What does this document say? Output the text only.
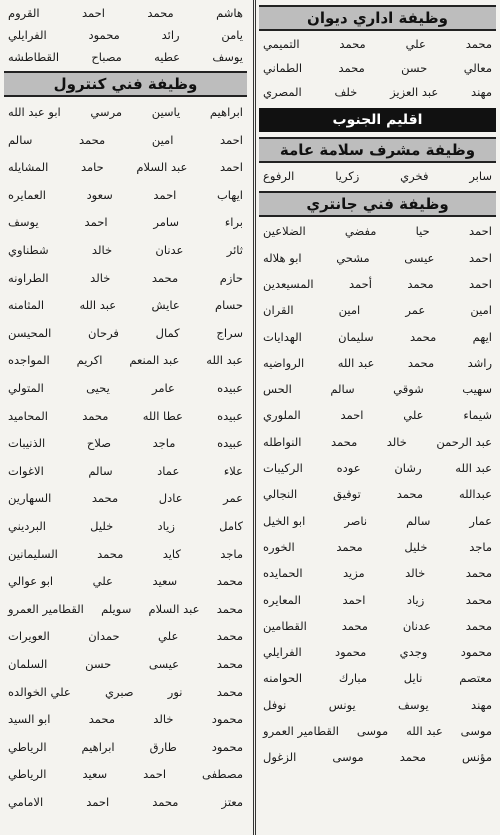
هاشم
محمد
احمد
القروم
يامن
رائد
محمود
الفرايلي
يوسف
عطيه
مصباح
القطاطشه
وظيفة فني كنترول
ابراهيم
ياسين
مرسي
ابو عبد الله
احمد
امين
محمد
سالم
احمد
عبد السلام
حامد
المشايله
ايهاب
احمد
سعود
العمايره
براء
سامر
احمد
يوسف
ثائر
عدنان
خالد
شطناوي
حازم
محمد
خالد
الطراونه
حسام
عايش
عبد الله
المثامنه
سراج
كمال
فرحان
المحيسن
عبد الله
عبد المنعم
اكريم
المواجده
عبيده
عامر
يحيى
المتولي
عبيده
عطا الله
محمد
المحاميد
عبيده
ماجد
صلاح
الذنيبات
علاء
عماد
سالم
الاغوات
عمر
عادل
محمد
السهارين
كامل
زياد
خليل
البرديني
ماجد
كايد
محمد
السليمانين
محمد
سعيد
علي
ابو عوالي
محمد
عبد السلام
سويلم
القطامير العمرو
محمد
علي
حمدان
العويرات
محمد
عيسى
حسن
السلمان
محمد
نور
صبري
علي الخوالده
محمود
خالد
محمد
ابو السيد
محمود
طارق
ابراهيم
الرياطي
مصطفى
احمد
سعيد
الرياطي
معتز
محمد
احمد
الامامي
وظيفة اداري ديوان
محمد
علي
محمد
التميمي
معالي
حسن
محمد
الطماني
مهند
عبد العزيز
خلف
المصري
اقليم الجنوب
وظيفة مشرف سلامة عامة
سابر
فخري
زكريا
الرفوع
وظيفة فني جانتري
احمد
حيا
مفضي
الضلاعين
احمد
عيسى
مشحي
ابو هلاله
احمد
محمد
أحمد
المسيعدين
امين
عمر
امين
القران
ايهم
محمد
سليمان
الهدايات
راشد
محمد
عبد الله
الرواضيه
سهيب
شوقي
سالم
الحس
شيماء
علي
احمد
الملوري
عبد الرحمن
خالد
محمد
النواطله
عبد الله
رشان
عوده
الركيبات
عبدالله
محمد
توفيق
النجالي
عمار
سالم
ناصر
ابو الخيل
ماجد
خليل
محمد
الخوره
محمد
خالد
مزيد
الحمايده
محمد
زياد
احمد
المعايره
محمد
عدنان
محمد
القطامين
محمود
وجدي
محمود
الفرايلي
معتصم
نايل
مبارك
الحوامنه
مهند
يوسف
يونس
نوفل
موسى
عبد الله
موسى
القطامير العمرو
مؤنس
محمد
موسى
الزغول
